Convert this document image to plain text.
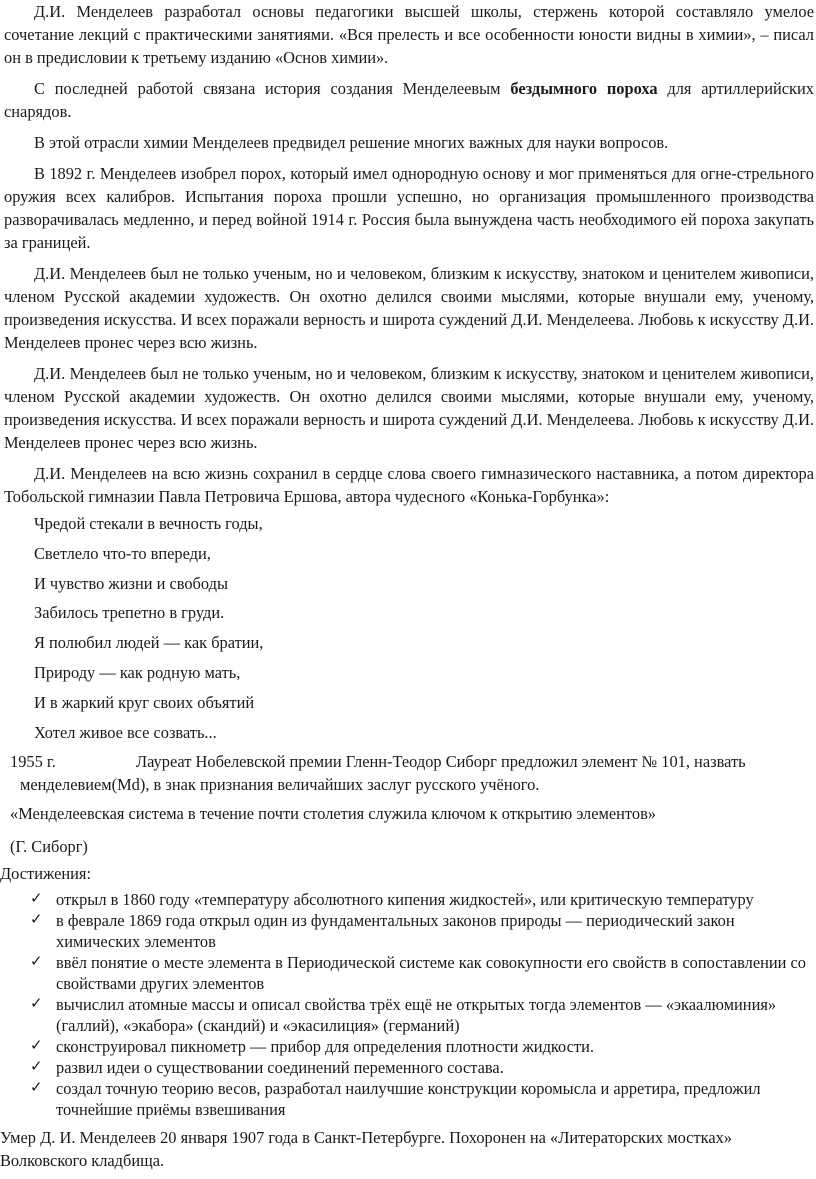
Д.И. Менделеев разработал основы педагогики высшей школы, стержень которой составляло умелое сочетание лекций с практическими занятиями. «Вся прелесть и все особенности юности видны в химии», – писал он в предисловии к третьему изданию «Основ химии».

С последней работой связана история создания Менделеевым бездымного пороха для артиллерийских снарядов.

В этой отрасли химии Менделеев предвидел решение многих важных для науки вопросов.

В 1892 г. Менделеев изобрел порох, который имел однородную основу и мог применяться для огне-стрельного оружия всех калибров. Испытания пороха прошли успешно, но организация промышленного производства разворачивалась медленно, и перед войной 1914 г. Россия была вынуждена часть необходимого ей пороха закупать за границей.

Д.И. Менделеев был не только ученым, но и человеком, близким к искусству, знатоком и ценителем живописи, членом Русской академии художеств. Он охотно делился своими мыслями, которые внушали ему, ученому, произведения искусства. И всех поражали верность и широта суждений Д.И. Менделеева. Любовь к искусству Д.И. Менделеев пронес через всю жизнь.

Д.И. Менделеев был не только ученым, но и человеком, близким к искусству, знатоком и ценителем живописи, членом Русской академии художеств. Он охотно делился своими мыслями, которые внушали ему, ученому, произведения искусства. И всех поражали верность и широта суждений Д.И. Менделеева. Любовь к искусству Д.И. Менделеев пронес через всю жизнь.

Д.И. Менделеев на всю жизнь сохранил в сердце слова своего гимназического наставника, а потом директора Тобольской гимназии Павла Петровича Ершова, автора чудесного «Конька-Горбунка»:

Чредой стекали в вечность годы,

Светлело что-то впереди,

И чувство жизни и свободы

Забилось трепетно в груди.

Я полюбил людей — как братии,

Природу — как родную мать,

И в жаркий круг своих объятий

Хотел живое все созвать...

1955 г.	Лауреат Нобелевской премии Гленн-Теодор Сиборг предложил элемент № 101, назвать
менделевием(Md), в знак признания величайших заслуг русского учёного.

«Менделеевская система в течение почти столетия служила ключом к открытию элементов»

(Г. Сиборг)

Достижения:

✓ открыл в 1860 году «температуру абсолютного кипения жидкостей», или критическую температуру
✓ в феврале 1869 года открыл один из фундаментальных законов природы — периодический закон химических элементов
✓ ввёл понятие о месте элемента в Периодической системе как совокупности его свойств в сопоставлении со свойствами других элементов
✓ вычислил атомные массы и описал свойства трёх ещё не открытых тогда элементов — «экаалюминия» (галлий), «экабора» (скандий) и «экасилиция» (германий)
✓ сконструировал пикнометр — прибор для определения плотности жидкости.
✓ развил идеи о существовании соединений переменного состава.
✓ создал точную теорию весов, разработал наилучшие конструкции коромысла и арретира, предложил точнейшие приёмы взвешивания

Умер Д. И. Менделеев 20 января 1907 года в Санкт-Петербурге. Похоронен на «Литераторских мостках» Волковского кладбища.
